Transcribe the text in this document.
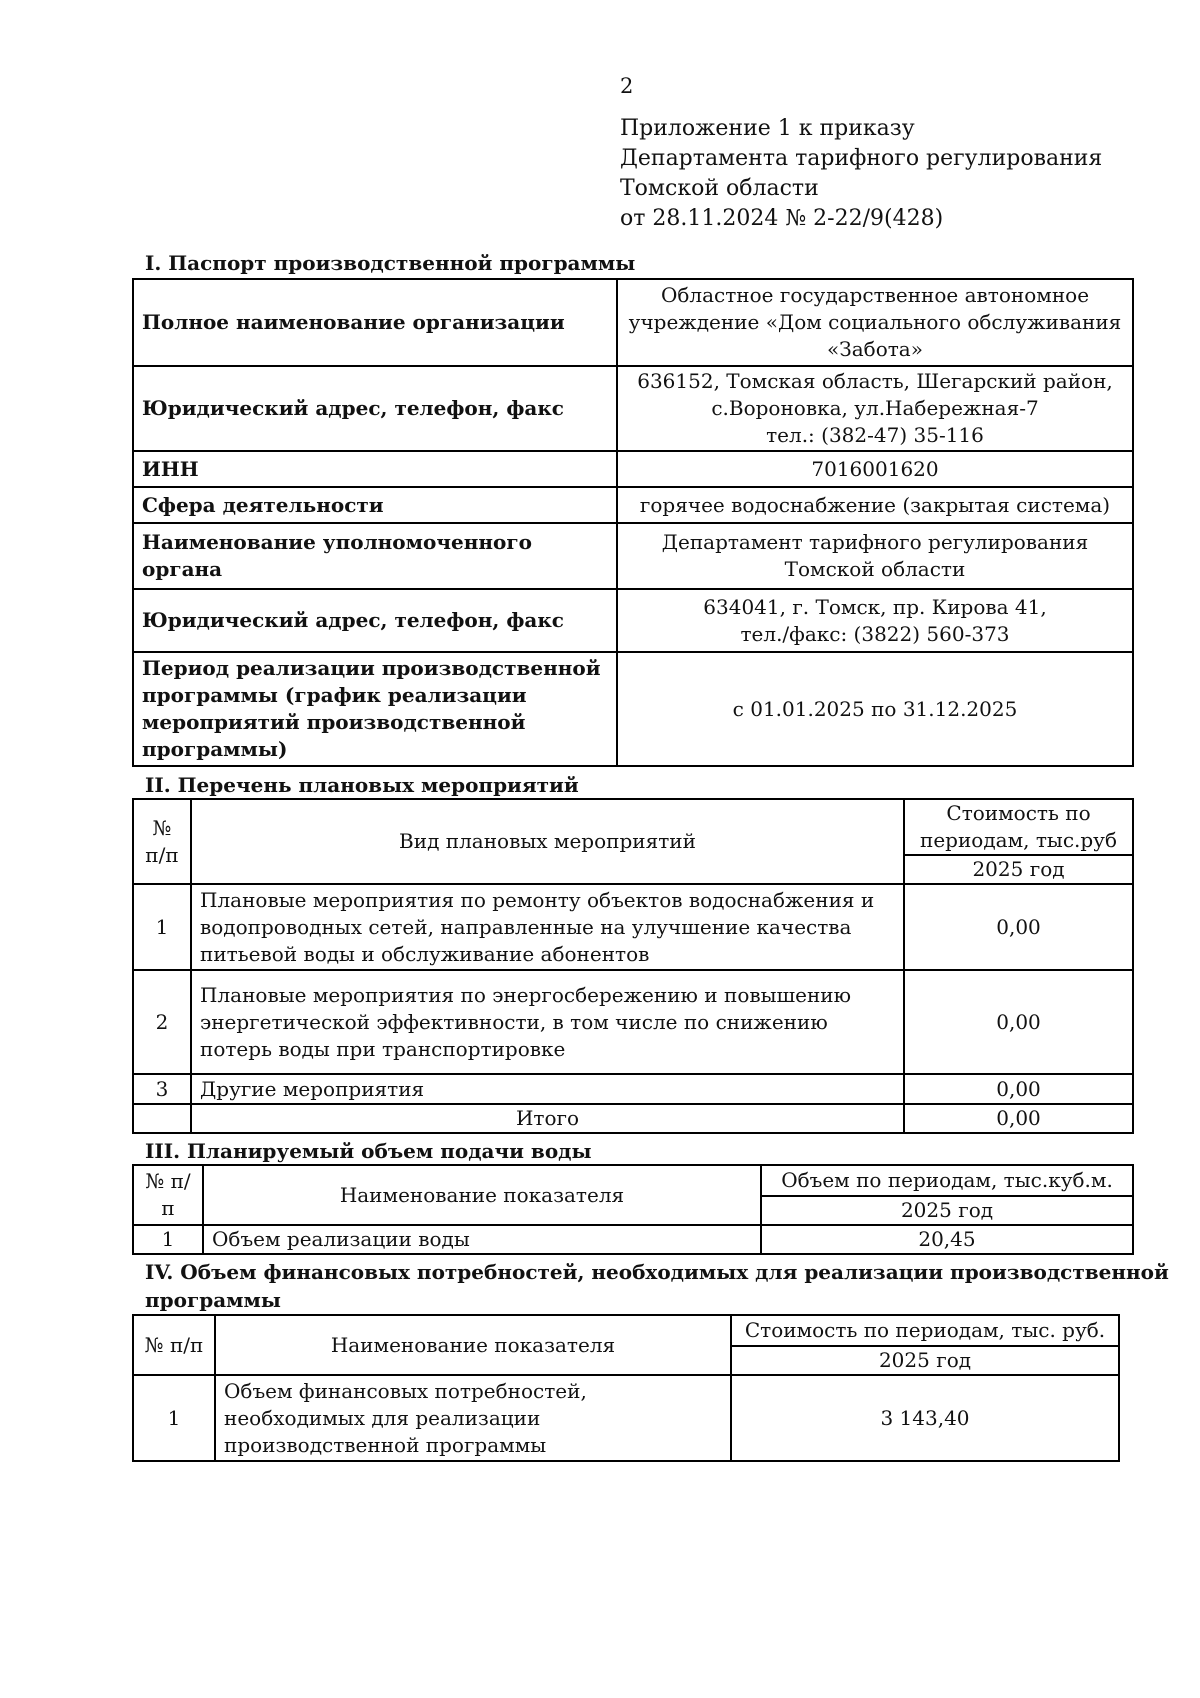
2
Приложение 1 к приказу
Департамента тарифного регулирования
Томской области
от 28.11.2024 № 2-22/9(428)
I. Паспорт производственной программы
Полное наименование организации	Областное государственное автономное учреждение «Дом социального обслуживания «Забота»
Юридический адрес, телефон, факс	636152, Томская область, Шегарский район,
с.Вороновка, ул.Набережная-7
тел.: (382-47) 35-116

ИНН	7016001620
Сфера деятельности	горячее водоснабжение (закрытая система)
Наименование уполномоченного органа	Департамент тарифного регулирования Томской области
Юридический адрес, телефон, факс	634041, г. Томск, пр. Кирова 41,
тел./факс: (3822) 560-373

Период реализации производственной программы (график реализации мероприятий производственной программы)	с 01.01.2025 по 31.12.2025
II. Перечень плановых мероприятий
№ п/п	Вид плановых мероприятий	Стоимость по периодам, тыс.руб
		2025 год
1	Плановые мероприятия по ремонту объектов водоснабжения и водопроводных сетей, направленные на улучшение качества питьевой воды и обслуживание абонентов	0,00
2	Плановые мероприятия по энергосбережению и повышению энергетической эффективности, в том числе по снижению потерь воды при транспортировке	0,00
3	Другие мероприятия	0,00
	Итого	0,00
III. Планируемый объем подачи воды
№ п/п	Наименование показателя	Объем по периодам, тыс.куб.м.
		2025 год
1	Объем реализации воды	20,45
IV. Объем финансовых потребностей, необходимых для реализации производственной
программы
№ п/п	Наименование показателя	Стоимость по периодам, тыс. руб.
		2025 год
1	Объем финансовых потребностей, необходимых для реализации производственной программы	3 143,40
